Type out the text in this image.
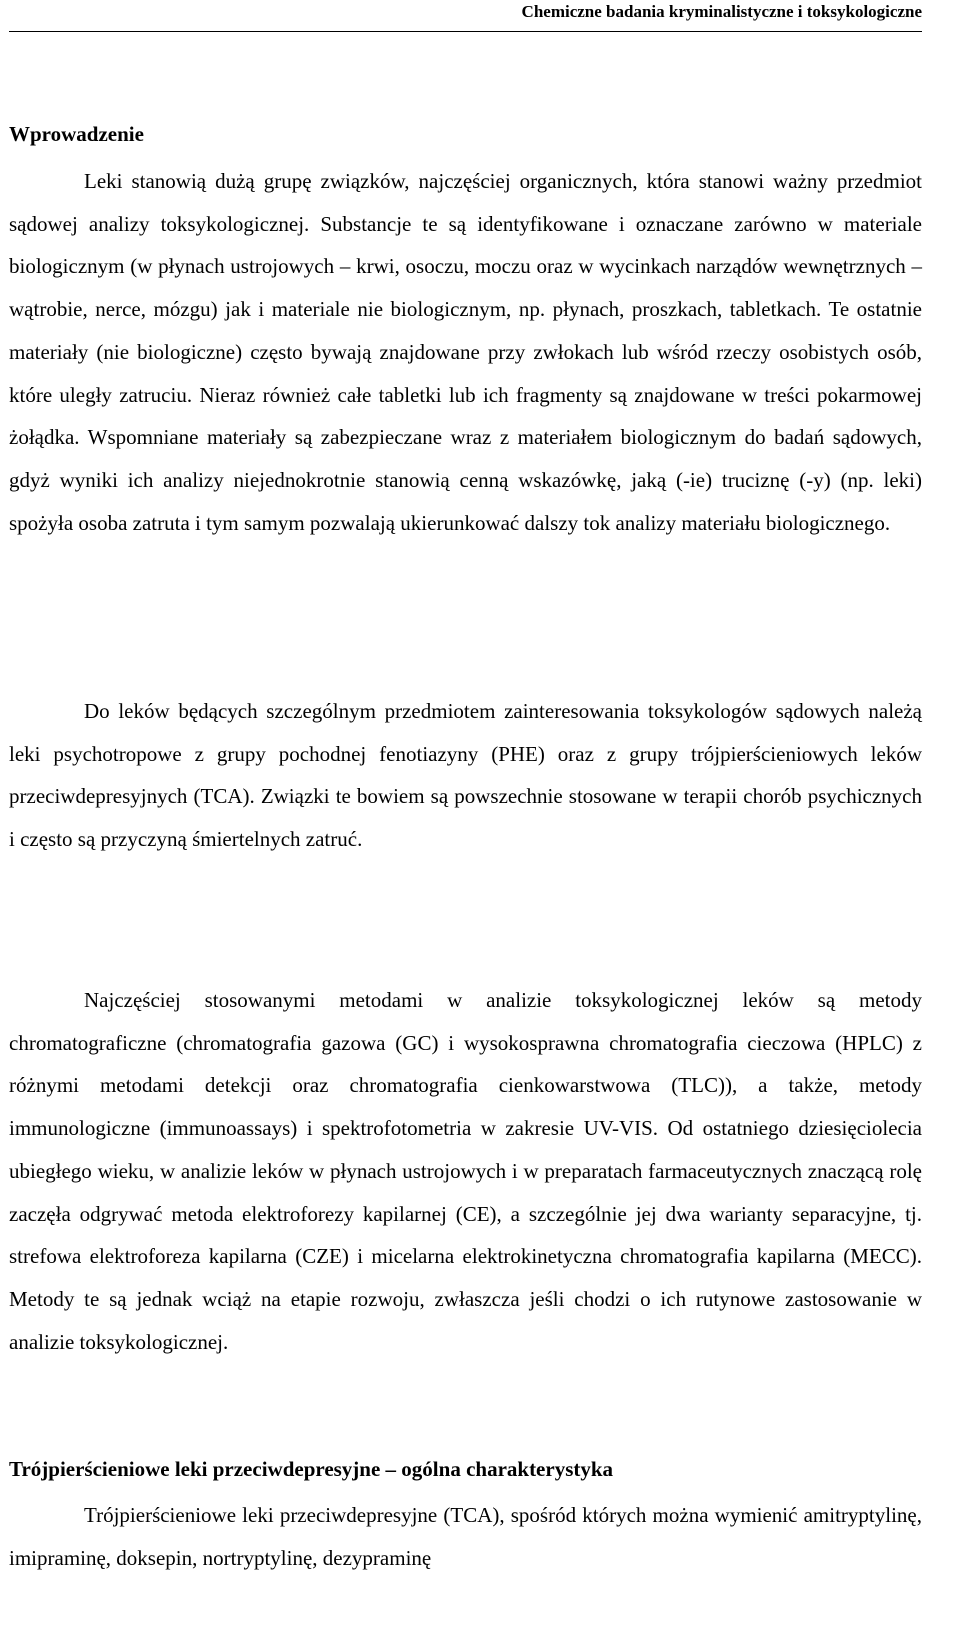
Chemiczne badania kryminalistyczne i toksykologiczne
Wprowadzenie

Leki stanowią dużą grupę związków, najczęściej organicznych, która stanowi ważny przedmiot sądowej analizy toksykologicznej. Substancje te są identyfikowane i oznaczane zarówno w materiale biologicznym (w płynach ustrojowych – krwi, osoczu, moczu oraz w wycinkach narządów wewnętrznych – wątrobie, nerce, mózgu) jak i materiale nie biologicznym, np. płynach, proszkach, tabletkach. Te ostatnie materiały (nie biologiczne) często bywają znajdowane przy zwłokach lub wśród rzeczy osobistych osób, które uległy zatruciu. Nieraz również całe tabletki lub ich fragmenty są znajdowane w treści pokarmowej żołądka. Wspomniane materiały są zabezpieczane wraz z materiałem biologicznym do badań sądowych, gdyż wyniki ich analizy niejednokrotnie stanowią cenną wskazówkę, jaką (-ie) truciznę (-y) (np. leki) spożyła osoba zatruta i tym samym pozwalają ukierunkować dalszy tok analizy materiału biologicznego.

Do leków będących szczególnym przedmiotem zainteresowania toksykologów sądowych należą leki psychotropowe z grupy pochodnej fenotiazyny (PHE) oraz z grupy trójpierścieniowych leków przeciwdepresyjnych (TCA). Związki te bowiem są powszechnie stosowane w terapii chorób psychicznych i często są przyczyną śmiertelnych zatruć.

Najczęściej stosowanymi metodami w analizie toksykologicznej leków są metody chromatograficzne (chromatografia gazowa (GC) i wysokosprawna chromatografia cieczowa (HPLC) z różnymi metodami detekcji oraz chromatografia cienkowarstwowa (TLC)), a także, metody immunologiczne (immunoassays) i spektrofotometria w zakresie UV-VIS. Od ostatniego dziesięciolecia ubiegłego wieku, w analizie leków w płynach ustrojowych i w preparatach farmaceutycznych znaczącą rolę zaczęła odgrywać metoda elektroforezy kapilarnej (CE), a szczególnie jej dwa warianty separacyjne, tj. strefowa elektroforeza kapilarna (CZE) i micelarna elektrokinetyczna chromatografia kapilarna (MECC). Metody te są jednak wciąż na etapie rozwoju, zwłaszcza jeśli chodzi o ich rutynowe zastosowanie w analizie toksykologicznej.

Trójpierścieniowe leki przeciwdepresyjne – ogólna charakterystyka

Trójpierścieniowe leki przeciwdepresyjne (TCA), spośród których można wymienić amitryptylinę, imipraminę, doksepin, nortryptylinę, dezypraminę
